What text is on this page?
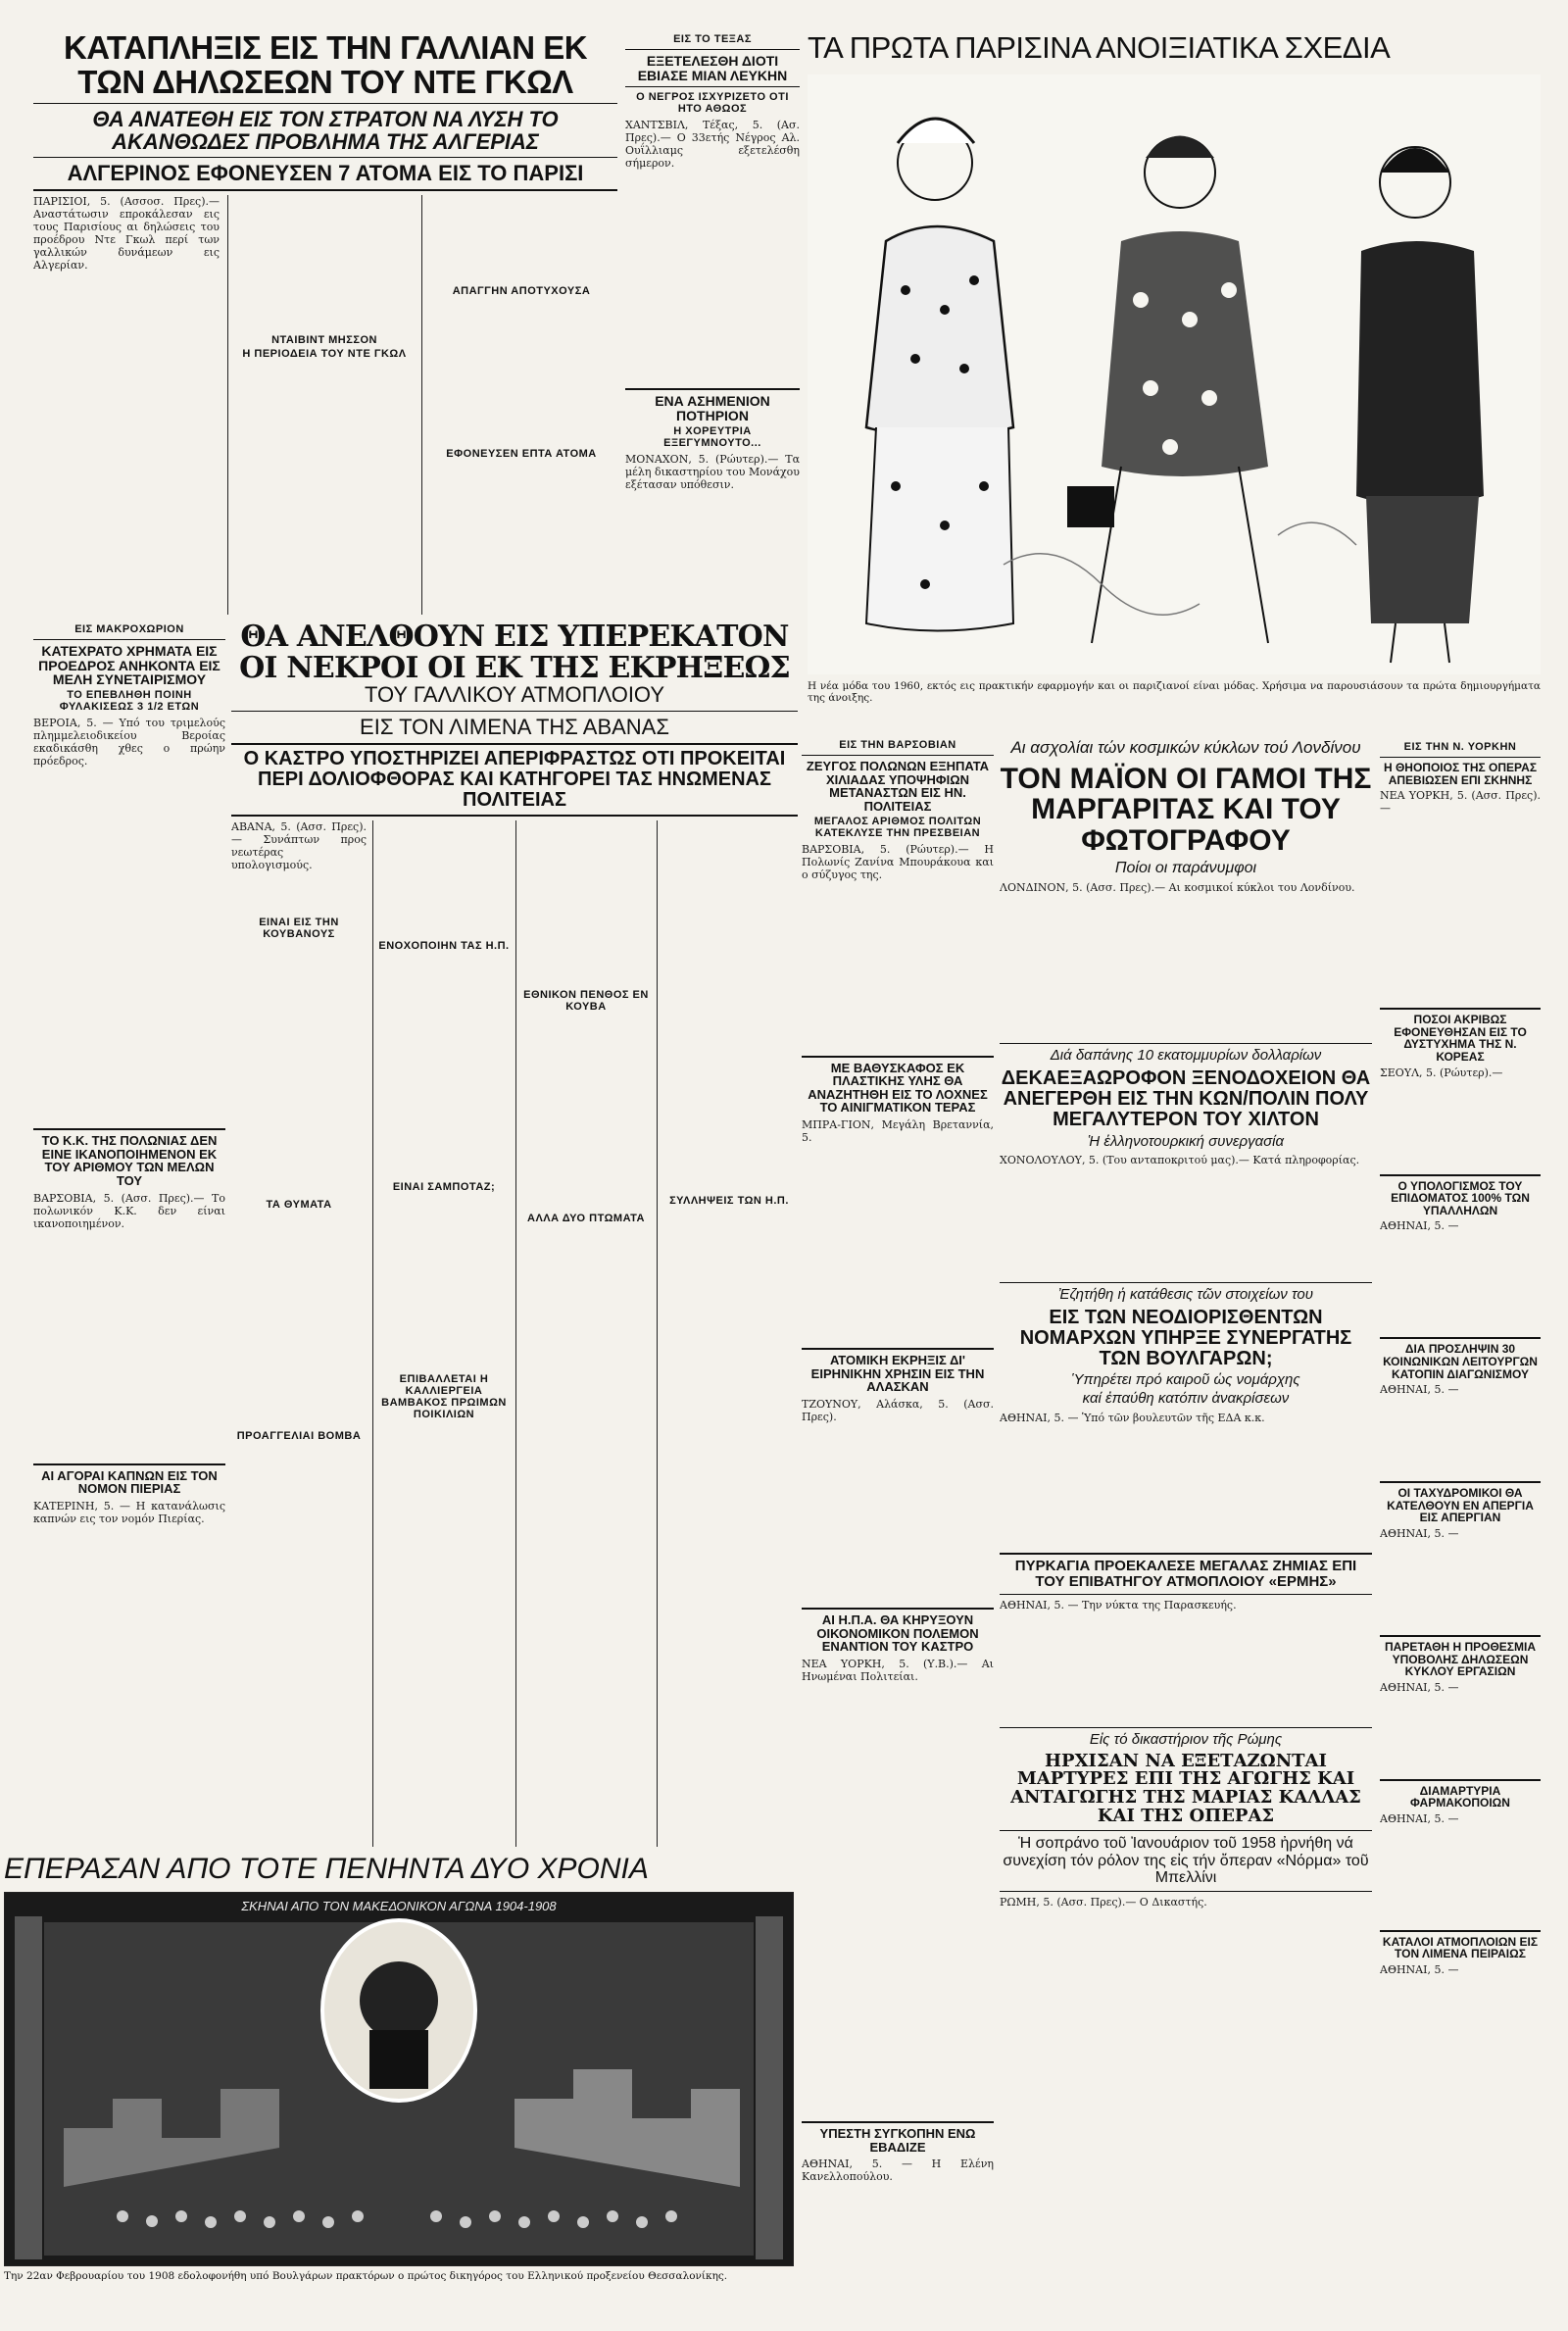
ΚΑΤΑΠΛΗΞΙΣ ΕΙΣ ΤΗΝ ΓΑΛΛΙΑΝ ΕΚ ΤΩΝ ΔΗΛΩΣΕΩΝ ΤΟΥ ΝΤΕ ΓΚΩΛ
ΘΑ ΑΝΑΤΕΘΗ ΕΙΣ ΤΟΝ ΣΤΡΑΤΟΝ ΝΑ ΛΥΣΗ ΤΟ ΑΚΑΝΘΩΔΕΣ ΠΡΟΒΛΗΜΑ ΤΗΣ ΑΛΓΕΡΙΑΣ
ΑΛΓΕΡΙΝΟΣ ΕΦΟΝΕΥΣΕΝ 7 ΑΤΟΜΑ ΕΙΣ ΤΟ ΠΑΡΙΣΙ

ΠΑΡΙΣΙΟΙ, 5. (Ασσοσ. Πρες).— Αναστάτωσιν επροκάλεσαν εις τους Παρισίους αι δηλώσεις του προέδρου Ντε Γκωλ περί των γαλλικών δυνάμεων εις Αλγερίαν.

ΝΤΑΙΒΙΝΤ ΜΗΣΣΟΝ
Η ΠΕΡΙΟΔΕΙΑ ΤΟΥ ΝΤΕ ΓΚΩΛ
ΑΠΑΓΓΗΝ ΑΠΟΤΥΧΟΥΣΑ
ΕΦΟΝΕΥΣΕΝ ΕΠΤΑ ΑΤΟΜΑ
ΕΙΣ ΤΟ ΤΕΞΑΣ
ΕΞΕΤΕΛΕΣΘΗ ΔΙΟΤΙ ΕΒΙΑΣΕ ΜΙΑΝ ΛΕΥΚΗΝ
Ο ΝΕΓΡΟΣ ΙΣΧΥΡΙΖΕΤΟ ΟΤΙ ΗΤΟ ΑΘΩΟΣ

ΧΑΝΤΣΒΙΛ, Τέξας, 5. (Ασ. Πρες).— Ο 33ετής Νέγρος Αλ. Ουΐλλιαμς εξετελέσθη σήμερον.

ΕΝΑ ΑΣΗΜΕΝΙΟΝ ΠΟΤΗΡΙΟΝ
Η ΧΟΡΕΥΤΡΙΑ ΕΞΕΓΥΜΝΟΥΤΟ...

ΜΟΝΑΧΟΝ, 5. (Ρώυτερ).— Τα μέλη δικαστηρίου του Μονάχου εξέτασαν υπόθεσιν.

ΤΑ ΠΡΩΤΑ ΠΑΡΙΣΙΝΑ ΑΝΟΙΞΙΑΤΙΚΑ ΣΧΕΔΙΑ
Η νέα μόδα του 1960, εκτός εις πρακτικήν εφαρμογήν και οι παριζιανοί είναι μόδας. Χρήσιμα να παρουσιάσουν τα πρώτα δημιουργήματα της άνοιξης.
ΕΙΣ ΜΑΚΡΟΧΩΡΙΟΝ
ΚΑΤΕΧΡΑΤΟ ΧΡΗΜΑΤΑ ΕΙΣ ΠΡΟΕΔΡΟΣ ΑΝΗΚΟΝΤΑ ΕΙΣ ΜΕΛΗ ΣΥΝΕΤΑΙΡΙΣΜΟΥ
ΤΟ ΕΠΕΒΛΗΘΗ ΠΟΙΝΗ ΦΥΛΑΚΙΣΕΩΣ 3 1/2 ΕΤΩΝ

ΒΕΡΟΙΑ, 5. — Υπό του τριμελούς πλημμελειοδικείου Βεροίας εκαδικάσθη χθες ο πρώην πρόεδρος.

ΤΟ Κ.Κ. ΤΗΣ ΠΟΛΩΝΙΑΣ ΔΕΝ ΕΙΝΕ ΙΚΑΝΟΠΟΙΗΜΕΝΟΝ ΕΚ ΤΟΥ ΑΡΙΘΜΟΥ ΤΩΝ ΜΕΛΩΝ ΤΟΥ

ΒΑΡΣΟΒΙΑ, 5. (Ασσ. Πρες).— Το πολωνικόν Κ.Κ. δεν είναι ικανοποιημένον.

ΑΙ ΑΓΟΡΑΙ ΚΑΠΝΩΝ ΕΙΣ ΤΟΝ ΝΟΜΟΝ ΠΙΕΡΙΑΣ

ΚΑΤΕΡΙΝΗ, 5. — Η κατανάλωσις καπνών εις τον νομόν Πιερίας.

ΘΑ ΑΝΕΛΘΟΥΝ ΕΙΣ ΥΠΕΡΕΚΑΤΟΝ ΟΙ ΝΕΚΡΟΙ ΟΙ ΕΚ ΤΗΣ ΕΚΡΗΞΕΩΣ
ΤΟΥ ΓΑΛΛΙΚΟΥ ΑΤΜΟΠΛΟΙΟΥ
ΕΙΣ ΤΟΝ ΛΙΜΕΝΑ ΤΗΣ ΑΒΑΝΑΣ
Ο ΚΑΣΤΡΟ ΥΠΟΣΤΗΡΙΖΕΙ ΑΠΕΡΙΦΡΑΣΤΩΣ ΟΤΙ ΠΡΟΚΕΙΤΑΙ ΠΕΡΙ ΔΟΛΙΟΦΘΟΡΑΣ ΚΑΙ ΚΑΤΗΓΟΡΕΙ ΤΑΣ ΗΝΩΜΕΝΑΣ ΠΟΛΙΤΕΙΑΣ

ΑΒΑΝΑ, 5. (Ασσ. Πρες).— Συνάπτων προς νεωτέρας υπολογισμούς.

ΕΙΝΑΙ ΕΙΣ ΤΗΝ ΚΟΥΒΑΝΟΥΣ
ΤΑ ΘΥΜΑΤΑ
ΠΡΟΑΓΓΕΛΙΑΙ ΒΟΜΒΑ
ΕΝΟΧΟΠΟΙΗΝ ΤΑΣ Η.Π.
ΕΙΝΑΙ ΣΑΜΠΟΤΑΖ;
ΕΠΙΒΑΛΛΕΤΑΙ Η ΚΑΛΛΙΕΡΓΕΙΑ ΒΑΜΒΑΚΟΣ ΠΡΩΙΜΩΝ ΠΟΙΚΙΛΙΩΝ
ΕΘΝΙΚΟΝ ΠΕΝΘΟΣ ΕΝ ΚΟΥΒΑ
ΑΛΛΑ ΔΥΟ ΠΤΩΜΑΤΑ
ΣΥΛΛΗΨΕΙΣ ΤΩΝ Η.Π.
ΕΙΣ ΤΗΝ ΒΑΡΣΟΒΙΑΝ
ΖΕΥΓΟΣ ΠΟΛΩΝΩΝ ΕΞΗΠΑΤΑ ΧΙΛΙΑΔΑΣ ΥΠΟΨΗΦΙΩΝ ΜΕΤΑΝΑΣΤΩΝ ΕΙΣ ΗΝ. ΠΟΛΙΤΕΙΑΣ
ΜΕΓΑΛΟΣ ΑΡΙΘΜΟΣ ΠΟΛΙΤΩΝ ΚΑΤΕΚΛΥΣΕ ΤΗΝ ΠΡΕΣΒΕΙΑΝ

ΒΑΡΣΟΒΙΑ, 5. (Ρώυτερ).— Η Πολωνίς Ζανίνα Μπουράκουα και ο σύζυγος της.

ΜΕ ΒΑΘΥΣΚΑΦΟΣ ΕΚ ΠΛΑΣΤΙΚΗΣ ΥΛΗΣ ΘΑ ΑΝΑΖΗΤΗΘΗ ΕΙΣ ΤΟ ΛΟΧΝΕΣ ΤΟ ΑΙΝΙΓΜΑΤΙΚΟΝ ΤΕΡΑΣ

ΜΠΡΑ-ΓΙΟΝ, Μεγάλη Βρεταννία, 5.

ΑΤΟΜΙΚΗ ΕΚΡΗΞΙΣ ΔΙ' ΕΙΡΗΝΙΚΗΝ ΧΡΗΣΙΝ ΕΙΣ ΤΗΝ ΑΛΑΣΚΑΝ

ΤΖΟΥΝΟΥ, Αλάσκα, 5. (Ασσ. Πρες).

ΑΙ Η.Π.Α. ΘΑ ΚΗΡΥΞΟΥΝ ΟΙΚΟΝΟΜΙΚΟΝ ΠΟΛΕΜΟΝ ΕΝΑΝΤΙΟΝ ΤΟΥ ΚΑΣΤΡΟ

ΝΕΑ ΥΟΡΚΗ, 5. (Υ.Β.).— Αι Ηνωμέναι Πολιτείαι.

Αι ασχολίαι τών κοσμικών κύκλων τού Λονδίνου
ΤΟΝ ΜΑΪΟΝ ΟΙ ΓΑΜΟΙ ΤΗΣ ΜΑΡΓΑΡΙΤΑΣ ΚΑΙ ΤΟΥ ΦΩΤΟΓΡΑΦΟΥ
Ποίοι οι παράνυμφοι

ΛΟΝΔΙΝΟΝ, 5. (Ασσ. Πρες).— Αι κοσμικοί κύκλοι του Λονδίνου.

Διά δαπάνης 10 εκατομμυρίων δολλαρίων
ΔΕΚΑΕΞΑΩΡΟΦΟΝ ΞΕΝΟΔΟΧΕΙΟΝ ΘΑ ΑΝΕΓΕΡΘΗ ΕΙΣ ΤΗΝ ΚΩΝ/ΠΟΛΙΝ ΠΟΛΥ ΜΕΓΑΛΥΤΕΡΟΝ ΤΟΥ ΧΙΛΤΟΝ
Ἡ ἑλληνοτουρκική συνεργασία

ΧΟΝΟΛΟΥΛΟΥ, 5. (Του ανταποκριτού μας).— Κατά πληροφορίας.

Ἐζητήθη ἡ κατάθεσις τῶν στοιχείων του
ΕΙΣ ΤΩΝ ΝΕΟΔΙΟΡΙΣΘΕΝΤΩΝ ΝΟΜΑΡΧΩΝ ΥΠΗΡΞΕ ΣΥΝΕΡΓΑΤΗΣ ΤΩΝ ΒΟΥΛΓΑΡΩΝ;
Ὑπηρέτει πρό καιροῦ ὡς νομάρχης
καί ἐπαύθη κατόπιν ἀνακρίσεων

ΑΘΗΝΑΙ, 5. — Ὑπό τῶν βουλευτῶν τῆς ΕΔΑ κ.κ.

ΠΥΡΚΑΓΙΑ ΠΡΟΕΚΑΛΕΣΕ ΜΕΓΑΛΑΣ ΖΗΜΙΑΣ ΕΠΙ ΤΟΥ ΕΠΙΒΑΤΗΓΟΥ ΑΤΜΟΠΛΟΙΟΥ «ΕΡΜΗΣ»

ΑΘΗΝΑΙ, 5. — Την νύκτα της Παρασκευής.

Εἰς τό δικαστήριον τῆς Ρώμης
ΗΡΧΙΣΑΝ ΝΑ ΕΞΕΤΑΖΩΝΤΑΙ ΜΑΡΤΥΡΕΣ ΕΠΙ ΤΗΣ ΑΓΩΓΗΣ ΚΑΙ ΑΝΤΑΓΩΓΗΣ ΤΗΣ ΜΑΡΙΑΣ ΚΑΛΛΑΣ ΚΑΙ ΤΗΣ ΟΠΕΡΑΣ
Ἡ σοπράνο τοῦ Ἰανουάριον τοῦ 1958 ἠρνήθη νά συνεχίση τόν ρόλον της εἰς τήν ὄπεραν «Νόρμα» τοῦ Μπελλίνι

ΡΩΜΗ, 5. (Ασσ. Πρες).— Ο Δικαστής.

ΥΠΕΣΤΗ ΣΥΓΚΟΠΗΝ ΕΝΩ ΕΒΑΔΙΖΕ

ΑΘΗΝΑΙ, 5. — Η Ελένη Κανελλοπούλου.

ΕΙΣ ΤΗΝ Ν. ΥΟΡΚΗΝ
Η ΘΗΟΠΟΙΟΣ ΤΗΣ ΟΠΕΡΑΣ ΑΠΕΒΙΩΣΕΝ ΕΠΙ ΣΚΗΝΗΣ

ΝΕΑ ΥΟΡΚΗ, 5. (Ασσ. Πρες).—

ΠΟΣΟΙ ΑΚΡΙΒΩΣ ΕΦΟΝΕΥΘΗΣΑΝ ΕΙΣ ΤΟ ΔΥΣΤΥΧΗΜΑ ΤΗΣ Ν. ΚΟΡΕΑΣ

ΣΕΟΥΛ, 5. (Ρώυτερ).—

Ο ΥΠΟΛΟΓΙΣΜΟΣ ΤΟΥ ΕΠΙΔΟΜΑΤΟΣ 100% ΤΩΝ ΥΠΑΛΛΗΛΩΝ

ΑΘΗΝΑΙ, 5. —

ΔΙΑ ΠΡΟΣΛΗΨΙΝ 30 ΚΟΙΝΩΝΙΚΩΝ ΛΕΙΤΟΥΡΓΩΝ ΚΑΤΟΠΙΝ ΔΙΑΓΩΝΙΣΜΟΥ

ΑΘΗΝΑΙ, 5. —

ΟΙ ΤΑΧΥΔΡΟΜΙΚΟΙ ΘΑ ΚΑΤΕΛΘΟΥΝ ΕΝ ΑΠΕΡΓΙΑ ΕΙΣ ΑΠΕΡΓΙΑΝ

ΑΘΗΝΑΙ, 5. —

ΠΑΡΕΤΑΘΗ Η ΠΡΟΘΕΣΜΙΑ ΥΠΟΒΟΛΗΣ ΔΗΛΩΣΕΩΝ ΚΥΚΛΟΥ ΕΡΓΑΣΙΩΝ

ΑΘΗΝΑΙ, 5. —

ΔΙΑΜΑΡΤΥΡΙΑ ΦΑΡΜΑΚΟΠΟΙΩΝ

ΑΘΗΝΑΙ, 5. —

ΚΑΤΑΛΟΙ ΑΤΜΟΠΛΟΙΩΝ ΕΙΣ ΤΟΝ ΛΙΜΕΝΑ ΠΕΙΡΑΙΩΣ

ΑΘΗΝΑΙ, 5. —

ΕΠΕΡΑΣΑΝ ΑΠΟ ΤΟΤΕ ΠΕΝΗΝΤΑ ΔΥΟ ΧΡΟΝΙΑ
ΣΚΗΝΑΙ ΑΠΟ ΤΟΝ ΜΑΚΕΔΟΝΙΚΟΝ ΑΓΩΝΑ 1904-1908
Την 22αν Φεβρουαρίου του 1908 εδολοφονήθη υπό Βουλγάρων πρακτόρων ο πρώτος δικηγόρος του Ελληνικού προξενείου Θεσσαλονίκης.
